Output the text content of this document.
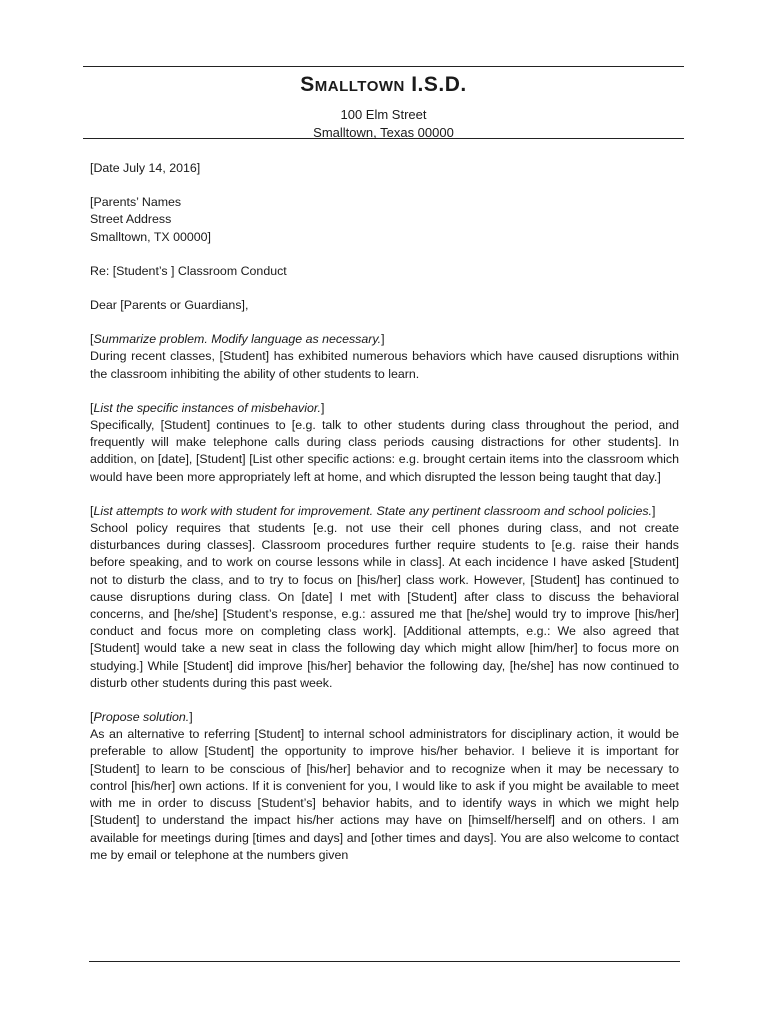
Smalltown I.S.D.
100 Elm Street
Smalltown, Texas 00000

[Date July 14, 2016]

[Parents’ Names

Street Address

Smalltown, TX 00000]

Re: [Student’s ] Classroom Conduct

Dear [Parents or Guardians],

[Summarize problem. Modify language as necessary.]

During recent classes, [Student] has exhibited numerous behaviors which have caused disruptions within the classroom inhibiting the ability of other students to learn.

[List the specific instances of misbehavior.]

Specifically, [Student] continues to [e.g. talk to other students during class throughout the period, and frequently will make telephone calls during class periods causing distractions for other students]. In addition, on [date], [Student] [List other specific actions: e.g. brought certain items into the classroom which would have been more appropriately left at home, and which disrupted the lesson being taught that day.]

[List attempts to work with student for improvement. State any pertinent classroom and school policies.]

School policy requires that students [e.g. not use their cell phones during class, and not create disturbances during classes]. Classroom procedures further require students to [e.g. raise their hands before speaking, and to work on course lessons while in class]. At each incidence I have asked [Student] not to disturb the class, and to try to focus on [his/her] class work. However, [Student] has continued to cause disruptions during class. On [date] I met with [Student] after class to discuss the behavioral concerns, and [he/she] [Student’s response, e.g.: assured me that [he/she] would try to improve [his/her] conduct and focus more on completing class work]. [Additional attempts, e.g.: We also agreed that [Student] would take a new seat in class the following day which might allow [him/her] to focus more on studying.] While [Student] did improve [his/her] behavior the following day, [he/she] has now continued to disturb other students during this past week.

[Propose solution.]

As an alternative to referring [Student] to internal school administrators for disciplinary action, it would be preferable to allow [Student] the opportunity to improve his/her behavior. I believe it is important for [Student] to learn to be conscious of [his/her] behavior and to recognize when it may be necessary to control [his/her] own actions. If it is convenient for you, I would like to ask if you might be available to meet with me in order to discuss [Student’s] behavior habits, and to identify ways in which we might help [Student] to understand the impact his/her actions may have on [himself/herself] and on others. I am available for meetings during [times and days] and [other times and days]. You are also welcome to contact me by email or telephone at the numbers given
